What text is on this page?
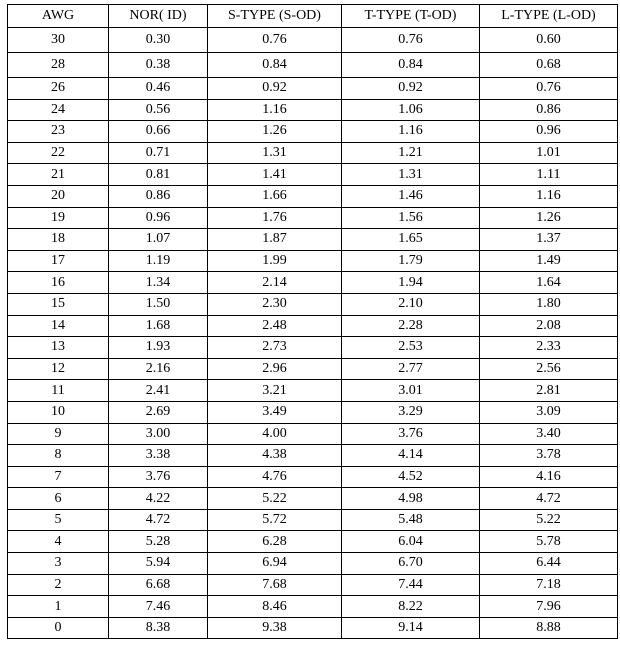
AWG	NOR( ID)	S-TYPE (S-OD)	T-TYPE (T-OD)	L-TYPE (L-OD)
30	0.30	0.76	0.76	0.60
28	0.38	0.84	0.84	0.68
26	0.46	0.92	0.92	0.76
24	0.56	1.16	1.06	0.86
23	0.66	1.26	1.16	0.96
22	0.71	1.31	1.21	1.01
21	0.81	1.41	1.31	1.11
20	0.86	1.66	1.46	1.16
19	0.96	1.76	1.56	1.26
18	1.07	1.87	1.65	1.37
17	1.19	1.99	1.79	1.49
16	1.34	2.14	1.94	1.64
15	1.50	2.30	2.10	1.80
14	1.68	2.48	2.28	2.08
13	1.93	2.73	2.53	2.33
12	2.16	2.96	2.77	2.56
11	2.41	3.21	3.01	2.81
10	2.69	3.49	3.29	3.09
9	3.00	4.00	3.76	3.40
8	3.38	4.38	4.14	3.78
7	3.76	4.76	4.52	4.16
6	4.22	5.22	4.98	4.72
5	4.72	5.72	5.48	5.22
4	5.28	6.28	6.04	5.78
3	5.94	6.94	6.70	6.44
2	6.68	7.68	7.44	7.18
1	7.46	8.46	8.22	7.96
0	8.38	9.38	9.14	8.88
